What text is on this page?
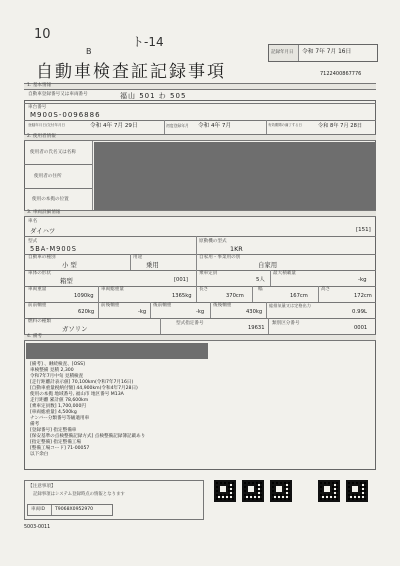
10
B
ト-14
記録年月日 令和 7年 7月 16日
自動車検査証記録事項	7122400867776
1. 基本情報
自動車登録番号又は車両番号	福山 501 わ 505
車台番号
M900S-0096886
登録年月日/交付年月日	令和 4年 7月 29日	初度登録年月 令和 4年 7月	有効期間の満了する日	令和 8年 7月 28日
2. 使用者情報
使用者の氏名又は名称
使用者の住所
使用の本拠の位置
3. 車両詳細情報
車名
ダイハツ	[151]
型式
5BA-M900S
原動機の型式
1KR
自動車の種別
小 型
用途
乗用
自家用・事業用の別
自家用
車体の形状
箱型	[001]
乗車定員
5人
最大積載量
-kg
車両重量
1090kg
車両総重量
1365kg
長さ
370cm
幅
167cm
高さ
172cm
前前軸重
620kg
前後軸重
-kg
後前軸重
-kg
後後軸重
430kg
総排気量又は定格出力
0.99L
燃料の種類
ガソリン
型式指定番号
19631
類別区分番号
0001
4. 備考
[備考] 、継続検査、[OSS]
車検整備 見積 2,300
令和7年7月中旬 見積検査
[走行距離計表示値] 70,100km(令和7年7月16日)
[自動車重量税納付額] 44,900km(令和4年7月28日)
使用の本拠 地域番号, 福山市 地区番号 M13A
走行距離 累計値 78,600km
[乗車定員数] 1,700,000円
[車両総重量] 4,500kg
ナンバー分類番号等級適用車
備考
[登録番号] 指定整備車
[保安基準の点検整備記録方式] 点検整備記録簿記載あり
[指定整備] 指定整備工場
[整備工場コード] 71-00057
以下余白
【注意事項】
記録事項はシステム登録時点の情報となります
車両ID T9068X0952970
5003-0011
